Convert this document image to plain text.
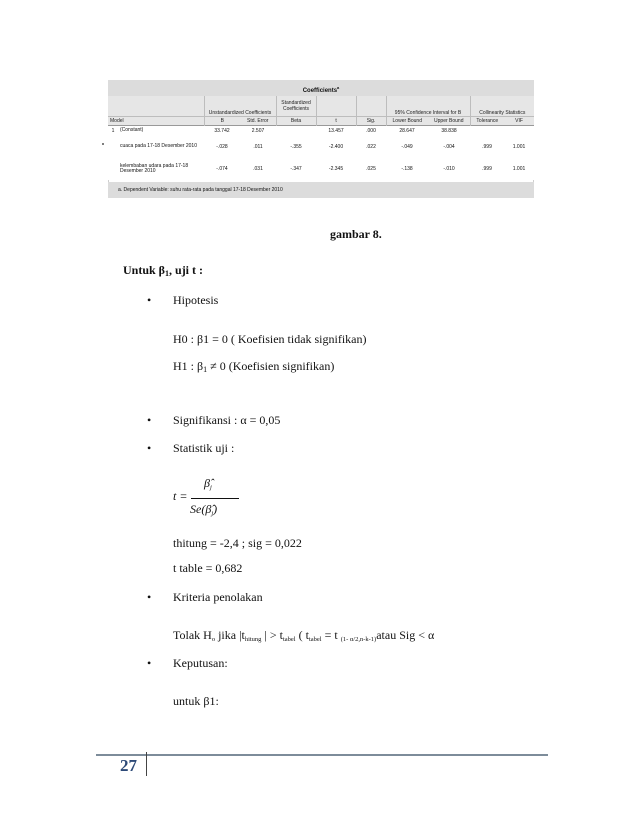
Coefficients$^a$
		Unstandardized Coefficients		Standardized Coefficients			95% Confidence Interval for B		Collinearity Statistics	
Model		B	Std. Error	Beta	t	Sig.	Lower Bound	Upper Bound	Tolerance	VIF
1	(Constant)	33.742	2.507		13.457	.000	28.647	38.838		
	cuaca pada 17-18 Desember 2010	-.028	.011	-.355	-2.400	.022	-.049	-.004	.999	1.001
	kelembaban udara pada 17-18 Desember 2010	-.074	.031	-.347	-2.345	.025	-.138	-.010	.999	1.001
a. Dependent Variable: suhu rata-rata pada tanggal 17-18 Desember 2010
gambar 8.
Untuk $\beta_1$, uji t :
• Hipotesis
H0 : β1 = 0 ( Koefisien tidak signifikan)
H1 : $\beta_1 \ne 0$ (Koefisien signifikan)
• Signifikansi : α = 0,05
• Statistik uji :
t =
β̂j
Se(β̂j)
thitung = -2,4 ; sig = 0,022
t table = 0,682
• Kriteria penolakan
Tolak Ho jika |thitung | > ttabel ( ttabel = t (1- α/2,n-k-1)atau Sig < α
• Keputusan:
untuk β1:
27
